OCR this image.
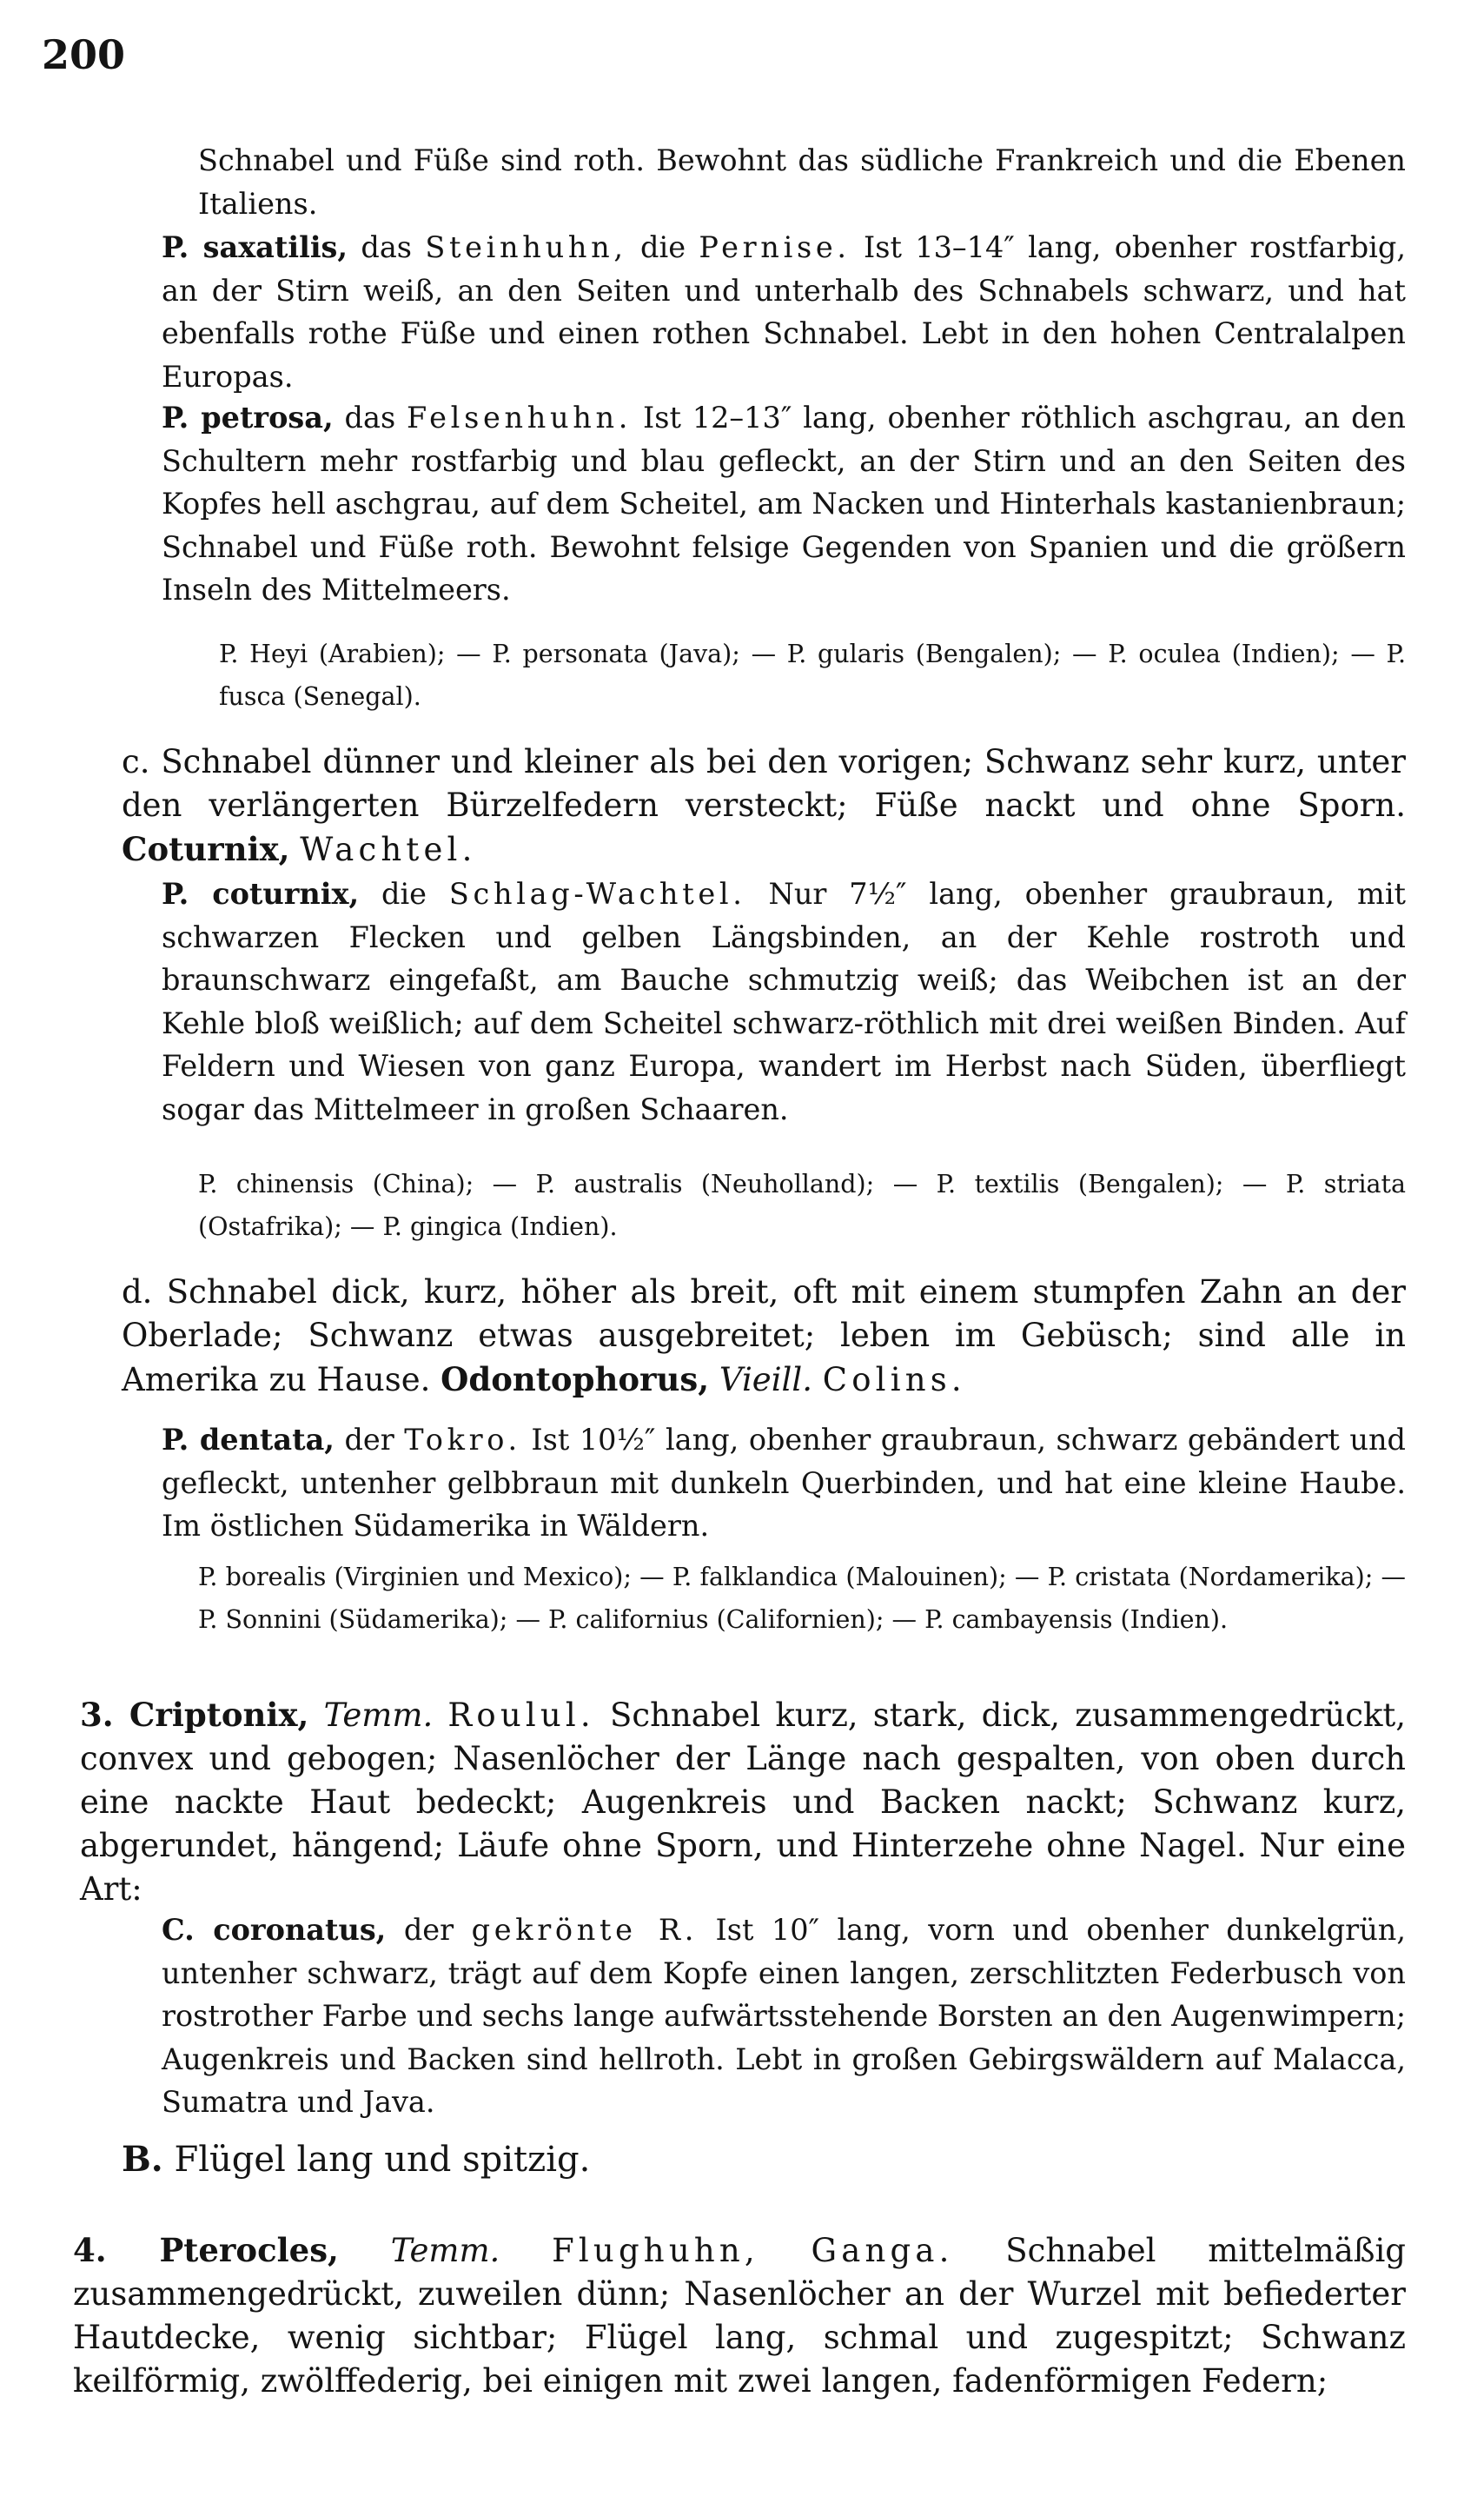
200

Schnabel und Füße sind roth. Bewohnt das südliche Frankreich und die Ebenen Italiens.

P. saxatilis, das Steinhuhn, die Pernise. Ist 13–14″ lang, obenher rostfarbig, an der Stirn weiß, an den Seiten und unterhalb des Schnabels schwarz, und hat ebenfalls rothe Füße und einen rothen Schnabel. Lebt in den hohen Centralalpen Europas.

P. petrosa, das Felsenhuhn. Ist 12–13″ lang, obenher röthlich aschgrau, an den Schultern mehr rostfarbig und blau gefleckt, an der Stirn und an den Seiten des Kopfes hell aschgrau, auf dem Scheitel, am Nacken und Hinterhals kastanienbraun; Schnabel und Füße roth. Bewohnt felsige Gegenden von Spanien und die größern Inseln des Mittelmeers.

P. Heyi (Arabien); — P. personata (Java); — P. gularis (Bengalen); — P. oculea (Indien); — P. fusca (Senegal).

c. Schnabel dünner und kleiner als bei den vorigen; Schwanz sehr kurz, unter den verlängerten Bürzelfedern versteckt; Füße nackt und ohne Sporn. Coturnix, Wachtel.

P. coturnix, die Schlag-Wachtel. Nur 7½″ lang, obenher graubraun, mit schwarzen Flecken und gelben Längsbinden, an der Kehle rostroth und braunschwarz eingefaßt, am Bauche schmutzig weiß; das Weibchen ist an der Kehle bloß weißlich; auf dem Scheitel schwarz-röthlich mit drei weißen Binden. Auf Feldern und Wiesen von ganz Europa, wandert im Herbst nach Süden, überfliegt sogar das Mittelmeer in großen Schaaren.

P. chinensis (China); — P. australis (Neuholland); — P. textilis (Bengalen); — P. striata (Ostafrika); — P. gingica (Indien).

d. Schnabel dick, kurz, höher als breit, oft mit einem stumpfen Zahn an der Oberlade; Schwanz etwas ausgebreitet; leben im Gebüsch; sind alle in Amerika zu Hause. Odontophorus, Vieill. Colins.

P. dentata, der Tokro. Ist 10½″ lang, obenher graubraun, schwarz gebändert und gefleckt, untenher gelbbraun mit dunkeln Querbinden, und hat eine kleine Haube. Im östlichen Südamerika in Wäldern.

P. borealis (Virginien und Mexico); — P. falklandica (Malouinen); — P. cristata (Nordamerika); — P. Sonnini (Südamerika); — P. californius (Californien); — P. cambayensis (Indien).

3. Criptonix, Temm. Roulul. Schnabel kurz, stark, dick, zusammengedrückt, convex und gebogen; Nasenlöcher der Länge nach gespalten, von oben durch eine nackte Haut bedeckt; Augenkreis und Backen nackt; Schwanz kurz, abgerundet, hängend; Läufe ohne Sporn, und Hinterzehe ohne Nagel. Nur eine Art:

C. coronatus, der gekrönte R. Ist 10″ lang, vorn und obenher dunkelgrün, untenher schwarz, trägt auf dem Kopfe einen langen, zerschlitzten Federbusch von rostrother Farbe und sechs lange aufwärtsstehende Borsten an den Augenwimpern; Augenkreis und Backen sind hellroth. Lebt in großen Gebirgswäldern auf Malacca, Sumatra und Java.

B. Flügel lang und spitzig.

4. Pterocles, Temm. Flughuhn, Ganga. Schnabel mittelmäßig zusammengedrückt, zuweilen dünn; Nasenlöcher an der Wurzel mit befiederter Hautdecke, wenig sichtbar; Flügel lang, schmal und zugespitzt; Schwanz keilförmig, zwölffederig, bei einigen mit zwei langen, fadenförmigen Federn;
